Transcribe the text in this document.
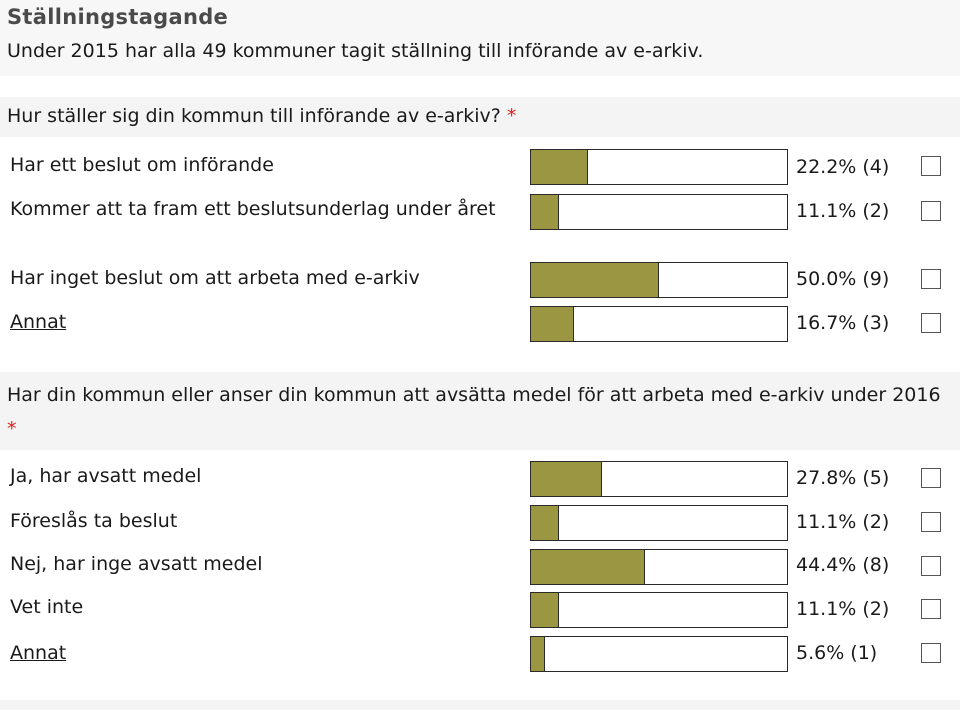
Ställningstagande
Under 2015 har alla 49 kommuner tagit ställning till införande av e-arkiv.
Hur ställer sig din kommun till införande av e-arkiv? *
Har ett beslut om införande	22.2% (4)
Kommer att ta fram ett beslutsunderlag under året	11.1% (2)
Har inget beslut om att arbeta med e-arkiv	50.0% (9)
Annat	16.7% (3)
Har din kommun eller anser din kommun att avsätta medel för att arbeta med e-arkiv under 2016 *
Ja, har avsatt medel	27.8% (5)
Föreslås ta beslut	11.1% (2)
Nej, har inge avsatt medel	44.4% (8)
Vet inte	11.1% (2)
Annat	5.6% (1)
